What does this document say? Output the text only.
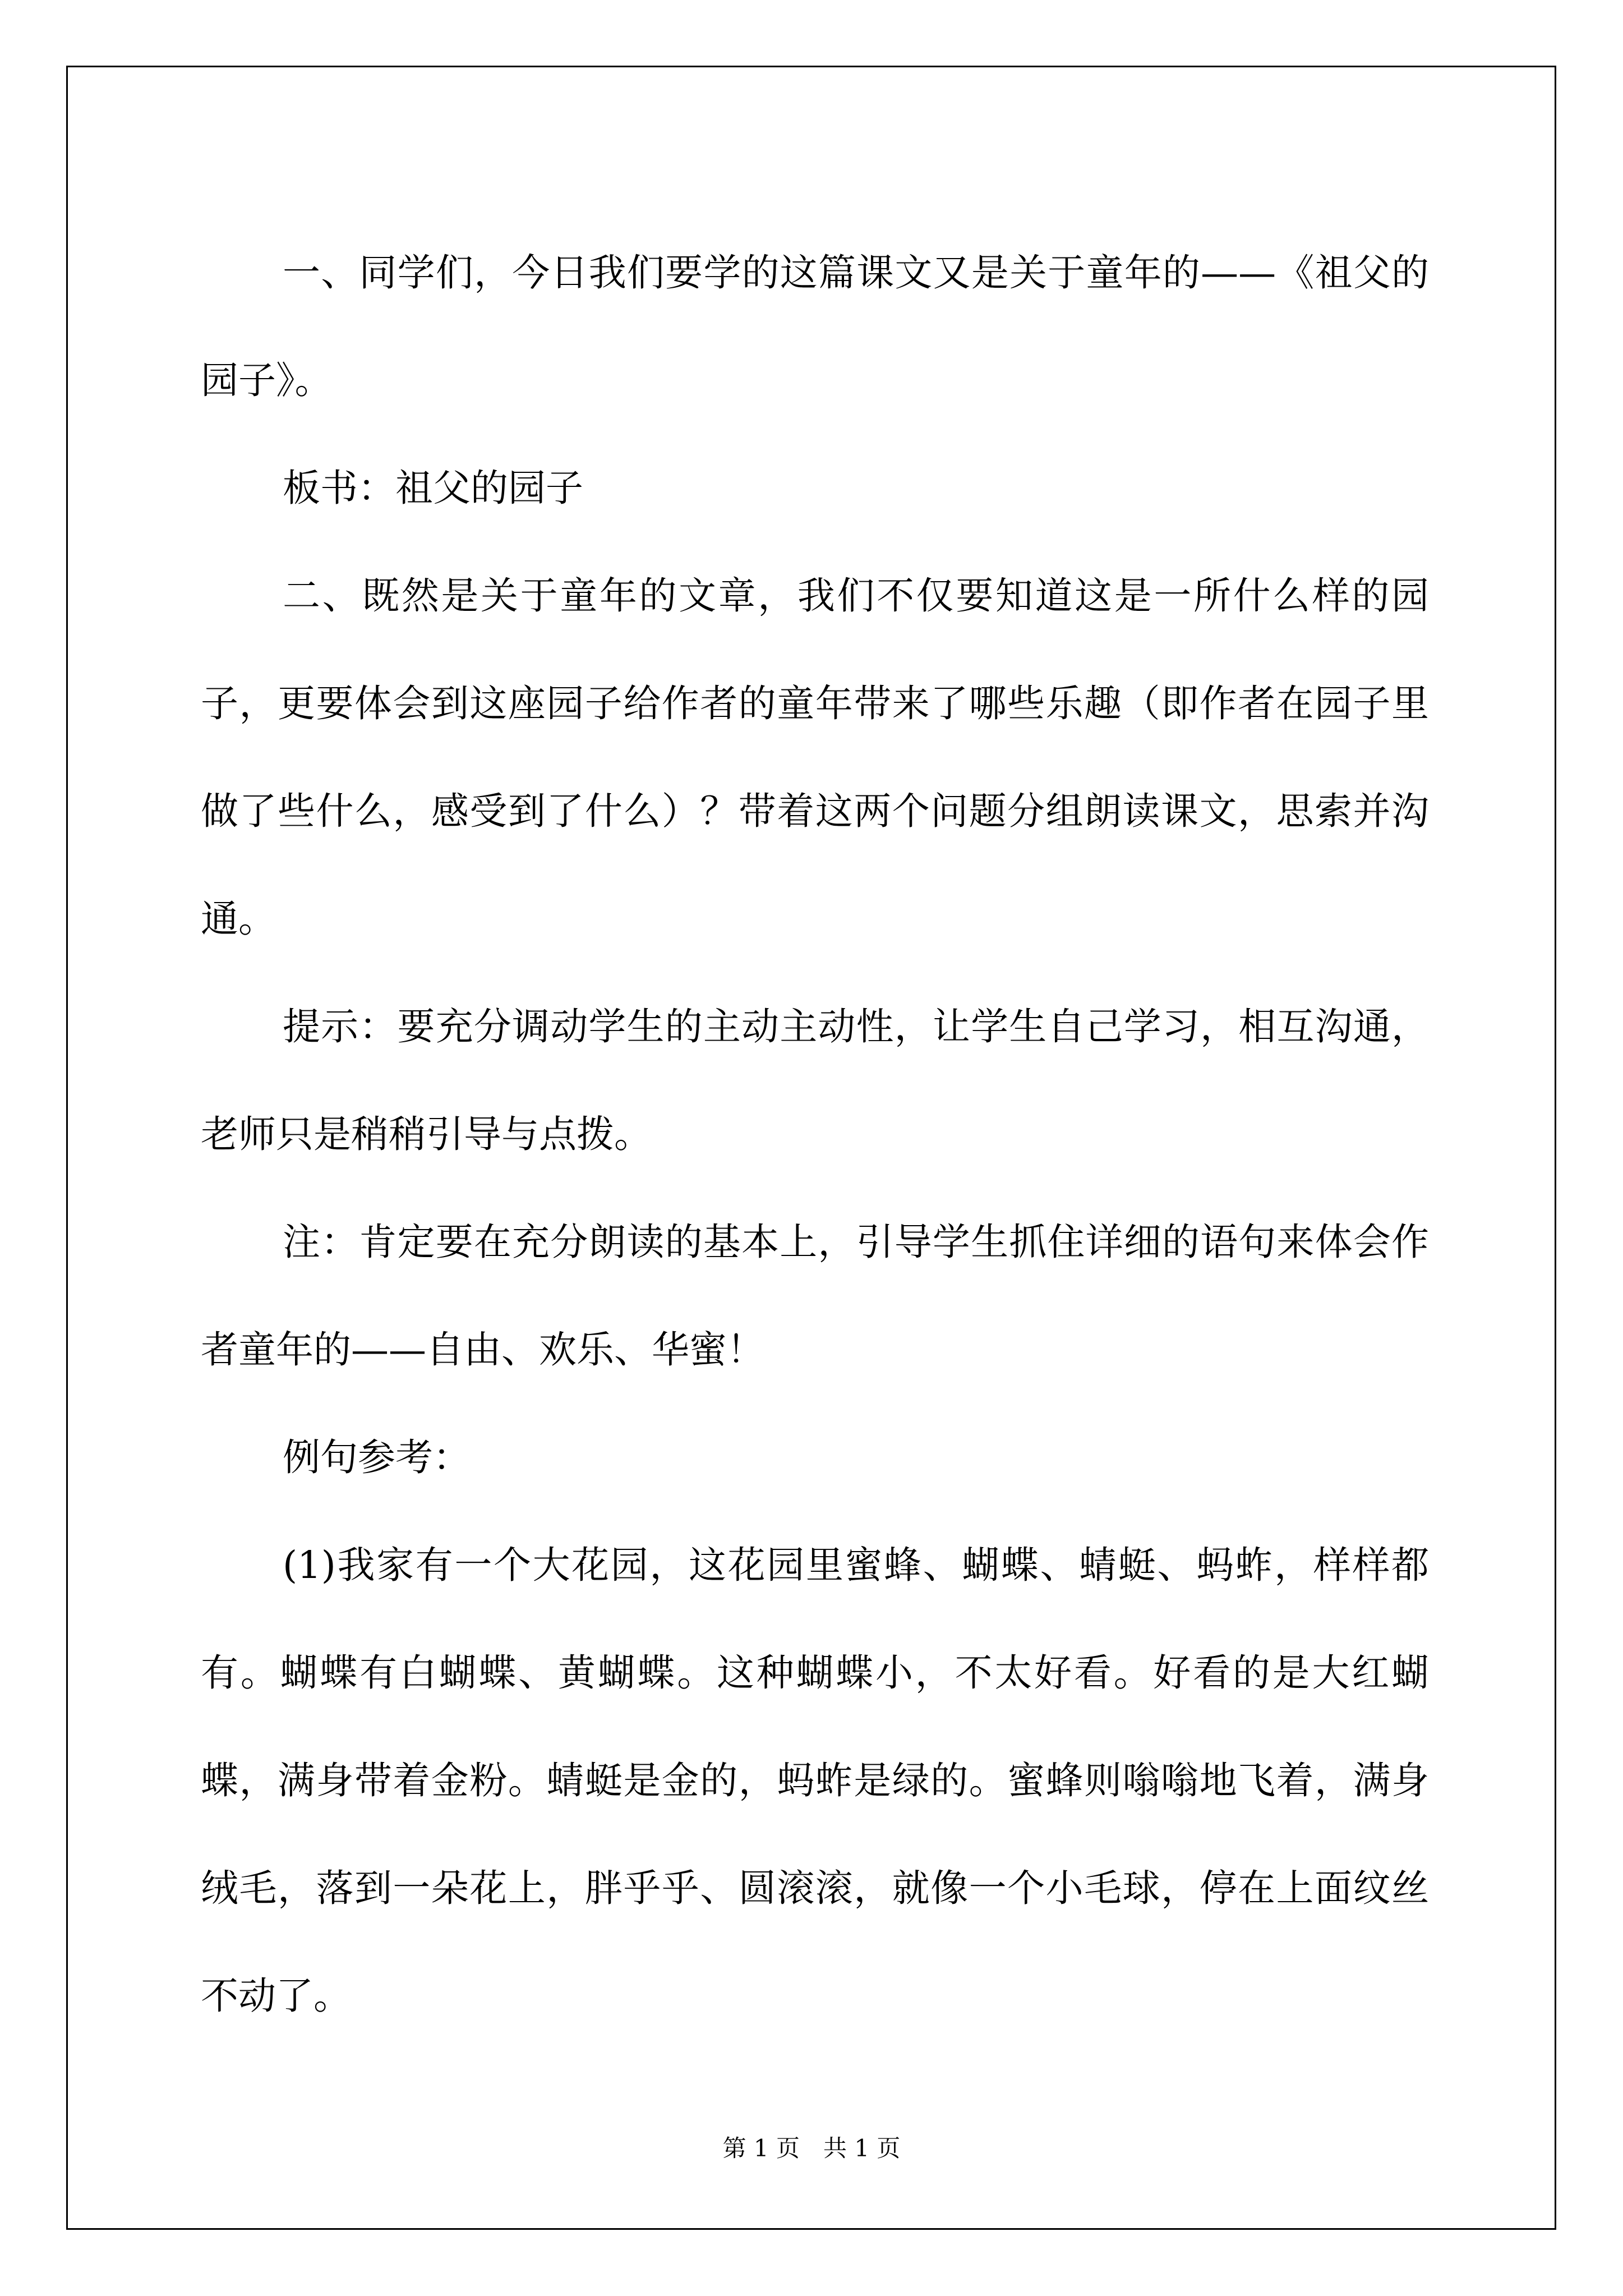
一、同学们，今日我们要学的这篇课文又是关于童年的——《祖父的园子》。

板书：祖父的园子

二、既然是关于童年的文章，我们不仅要知道这是一所什么样的园子，更要体会到这座园子给作者的童年带来了哪些乐趣（即作者在园子里做了些什么，感受到了什么）？带着这两个问题分组朗读课文，思索并沟通。

提示：要充分调动学生的主动主动性，让学生自己学习，相互沟通，老师只是稍稍引导与点拨。

注：肯定要在充分朗读的基本上，引导学生抓住详细的语句来体会作者童年的——自由、欢乐、华蜜！

例句参考：

(1)我家有一个大花园，这花园里蜜蜂、蝴蝶、蜻蜓、蚂蚱，样样都有。蝴蝶有白蝴蝶、黄蝴蝶。这种蝴蝶小，不太好看。好看的是大红蝴蝶，满身带着金粉。蜻蜓是金的，蚂蚱是绿的。蜜蜂则嗡嗡地飞着，满身绒毛，落到一朵花上，胖乎乎、圆滚滚，就像一个小毛球，停在上面纹丝不动了。

第 1 页 共 1 页
